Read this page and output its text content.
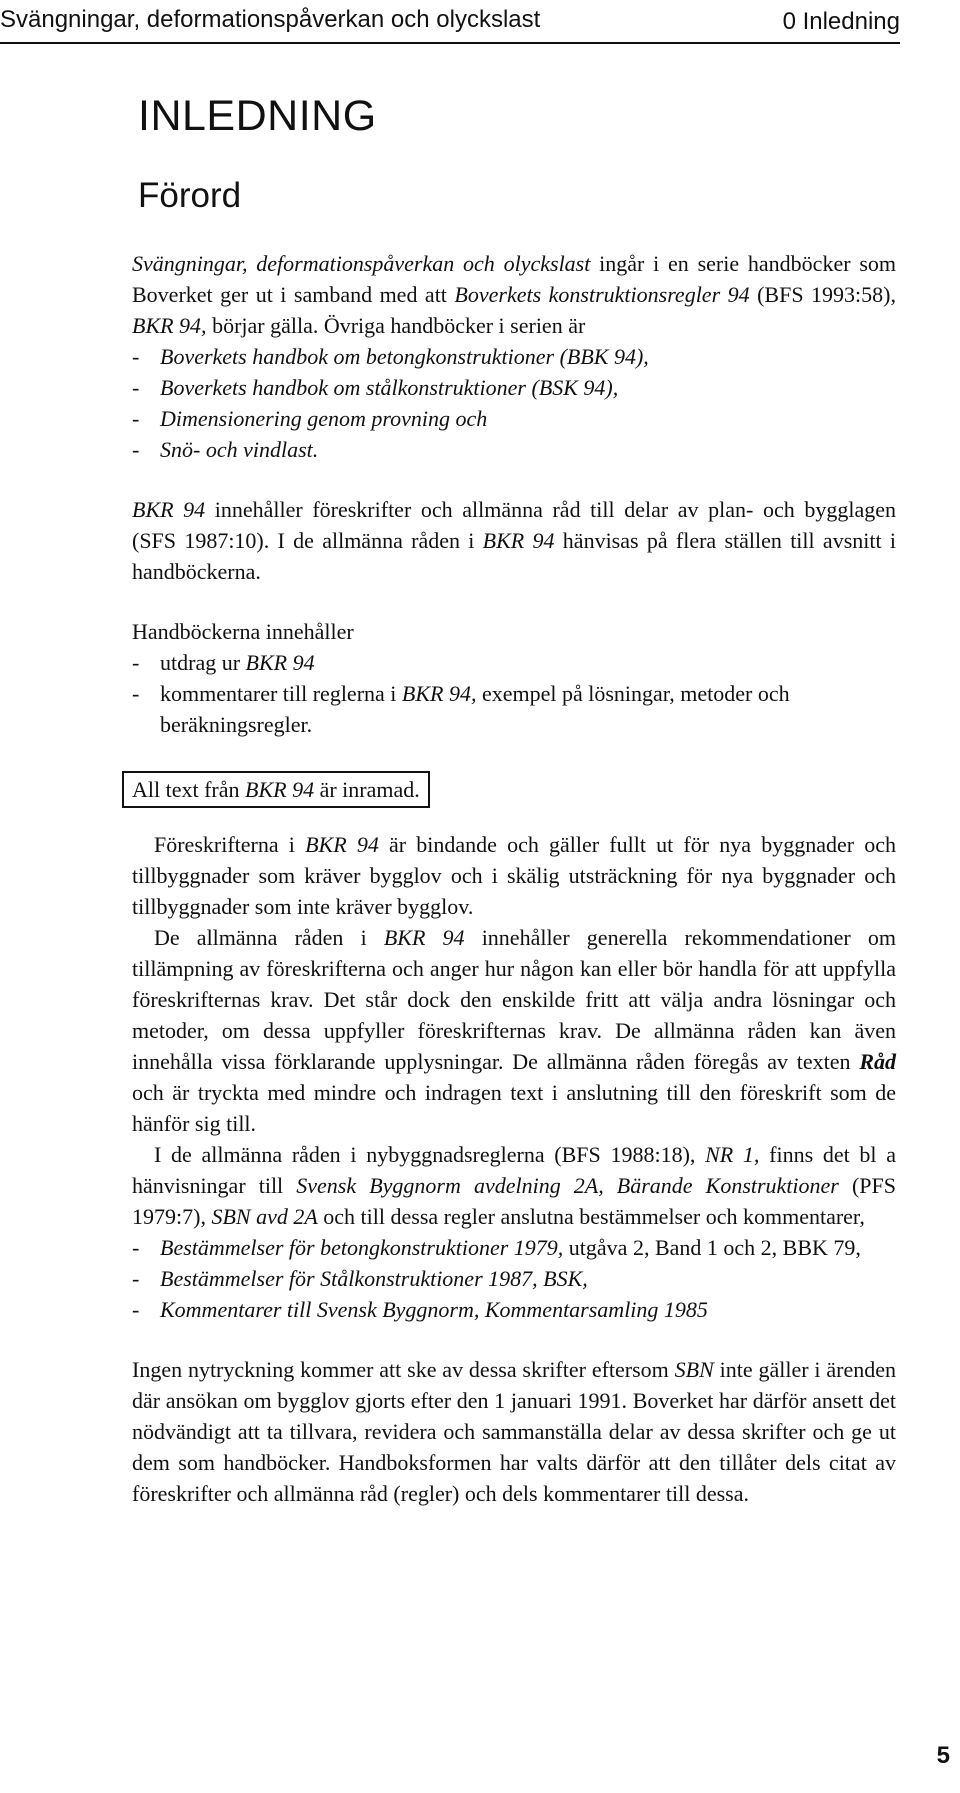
Svängningar, deformationspåverkan och olyckslast	0 Inledning
INLEDNING
Förord

Svängningar, deformationspåverkan och olyckslast ingår i en serie handböcker som Boverket ger ut i samband med att Boverkets konstruktionsregler 94 (BFS 1993:58), BKR 94, börjar gälla. Övriga handböcker i serien är

- Boverkets handbok om betongkonstruktioner (BBK 94),
- Boverkets handbok om stålkonstruktioner (BSK 94),
- Dimensionering genom provning och
- Snö- och vindlast.

BKR 94 innehåller föreskrifter och allmänna råd till delar av plan- och bygglagen (SFS 1987:10). I de allmänna råden i BKR 94 hänvisas på flera ställen till avsnitt i handböckerna.

Handböckerna innehåller

- utdrag ur BKR 94
- kommentarer till reglerna i BKR 94, exempel på lösningar, metoder och beräkningsregler.
All text från BKR 94 är inramad.

Föreskrifterna i BKR 94 är bindande och gäller fullt ut för nya byggnader och tillbyggnader som kräver bygglov och i skälig utsträckning för nya byggnader och tillbyggnader som inte kräver bygglov.

De allmänna råden i BKR 94 innehåller generella rekommendationer om tillämpning av föreskrifterna och anger hur någon kan eller bör handla för att uppfylla föreskrifternas krav. Det står dock den enskilde fritt att välja andra lösningar och metoder, om dessa uppfyller föreskrifternas krav. De allmänna råden kan även innehålla vissa förklarande upplysningar. De allmänna råden föregås av texten Råd och är tryckta med mindre och indragen text i anslutning till den föreskrift som de hänför sig till.

I de allmänna råden i nybyggnadsreglerna (BFS 1988:18), NR 1, finns det bl a hänvisningar till Svensk Byggnorm avdelning 2A, Bärande Konstruktioner (PFS 1979:7), SBN avd 2A och till dessa regler anslutna bestämmelser och kommentarer,

- Bestämmelser för betongkonstruktioner 1979, utgåva 2, Band 1 och 2, BBK 79,
- Bestämmelser för Stålkonstruktioner 1987, BSK,
- Kommentarer till Svensk Byggnorm, Kommentarsamling 1985

Ingen nytryckning kommer att ske av dessa skrifter eftersom SBN inte gäller i ärenden där ansökan om bygglov gjorts efter den 1 januari 1991. Boverket har därför ansett det nödvändigt att ta tillvara, revidera och sammanställa delar av dessa skrifter och ge ut dem som handböcker. Handboksformen har valts därför att den tillåter dels citat av föreskrifter och allmänna råd (regler) och dels kommentarer till dessa.

5
